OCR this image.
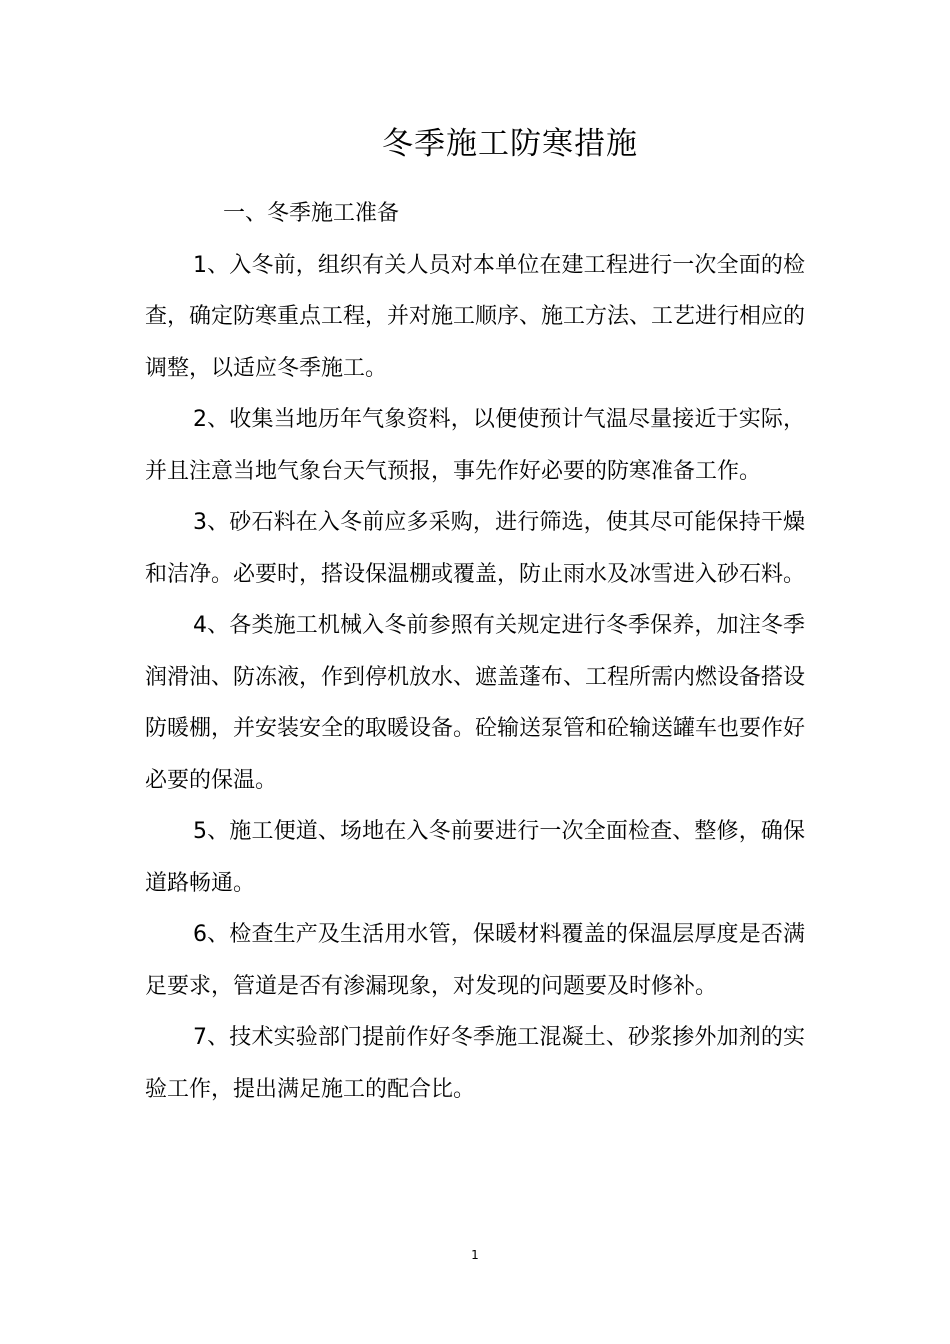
冬季施工防寒措施
一、冬季施工准备

1、入冬前，组织有关人员对本单位在建工程进行一次全面的检查，确定防寒重点工程，并对施工顺序、施工方法、工艺进行相应的调整，以适应冬季施工。

2、收集当地历年气象资料，以便使预计气温尽量接近于实际，并且注意当地气象台天气预报，事先作好必要的防寒准备工作。

3、砂石料在入冬前应多采购，进行筛选，使其尽可能保持干燥和洁净。必要时，搭设保温棚或覆盖，防止雨水及冰雪进入砂石料。

4、各类施工机械入冬前参照有关规定进行冬季保养，加注冬季润滑油、防冻液，作到停机放水、遮盖蓬布、工程所需内燃设备搭设防暖棚，并安装安全的取暖设备。砼输送泵管和砼输送罐车也要作好必要的保温。

5、施工便道、场地在入冬前要进行一次全面检查、整修，确保道路畅通。

6、检查生产及生活用水管，保暖材料覆盖的保温层厚度是否满足要求，管道是否有渗漏现象，对发现的问题要及时修补。

7、技术实验部门提前作好冬季施工混凝土、砂浆掺外加剂的实验工作，提出满足施工的配合比。

1
